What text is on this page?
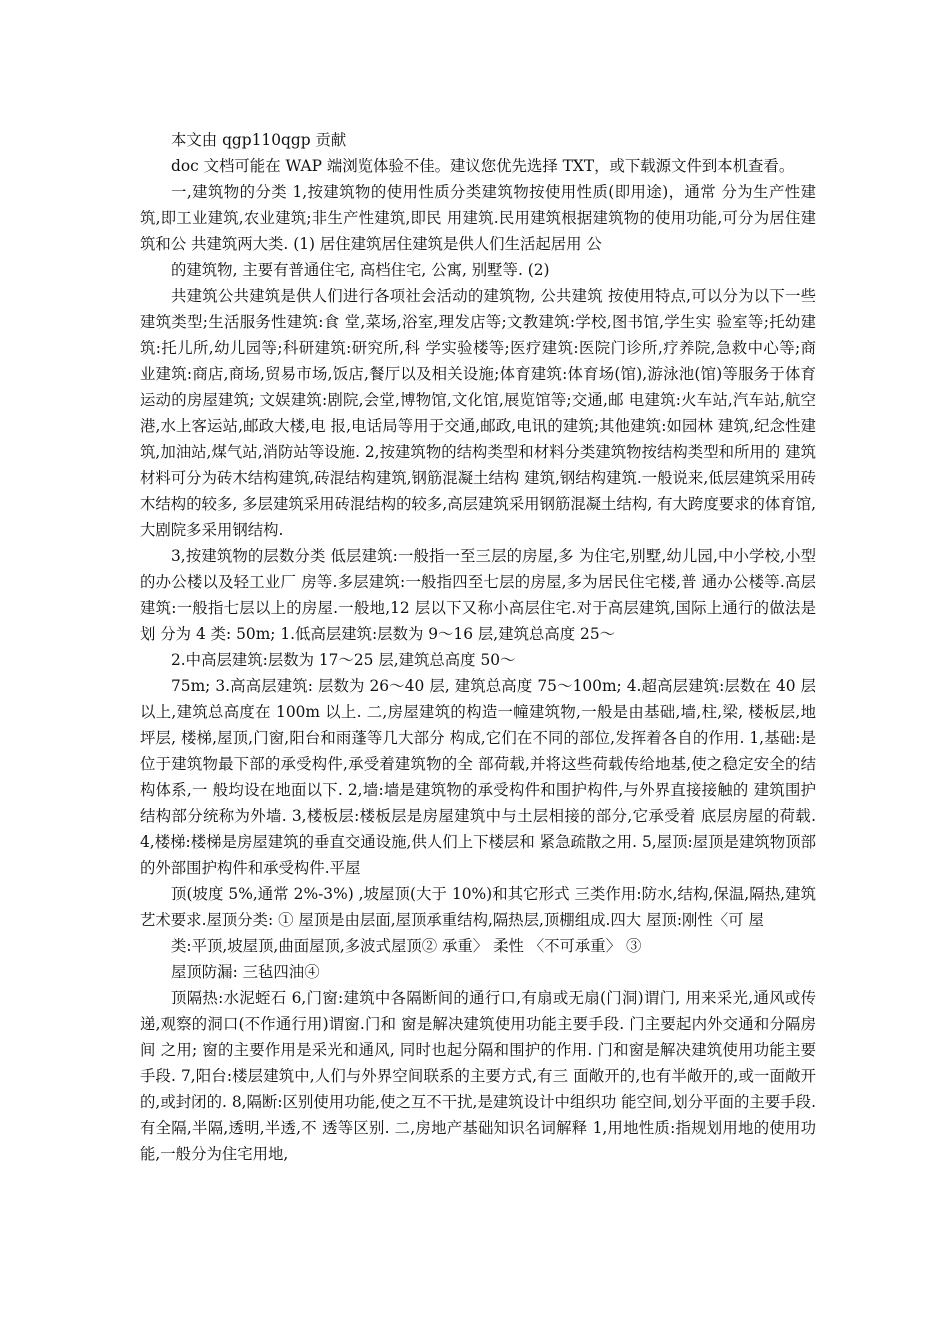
本文由 qgp110qgp 贡献

doc 文档可能在 WAP 端浏览体验不佳。建议您优先选择 TXT，或下载源文件到本机查看。

一,建筑物的分类 1,按建筑物的使用性质分类建筑物按使用性质(即用途)，通常 分为生产性建筑,即工业建筑,农业建筑;非生产性建筑,即民 用建筑.民用建筑根据建筑物的使用功能,可分为居住建筑和公 共建筑两大类. (1) 居住建筑居住建筑是供人们生活起居用 公

的建筑物, 主要有普通住宅, 高档住宅, 公寓, 别墅等. (2)

共建筑公共建筑是供人们进行各项社会活动的建筑物, 公共建筑 按使用特点,可以分为以下一些建筑类型;生活服务性建筑:食 堂,菜场,浴室,理发店等;文教建筑:学校,图书馆,学生实 验室等;托幼建筑:托儿所,幼儿园等;科研建筑:研究所,科 学实验楼等;医疗建筑:医院门诊所,疗养院,急救中心等;商 业建筑:商店,商场,贸易市场,饭店,餐厅以及相关设施;体育建筑:体育场(馆),游泳池(馆)等服务于体育运动的房屋建筑; 文娱建筑:剧院,会堂,博物馆,文化馆,展览馆等;交通,邮 电建筑:火车站,汽车站,航空港,水上客运站,邮政大楼,电 报,电话局等用于交通,邮政,电讯的建筑;其他建筑:如园林 建筑,纪念性建筑,加油站,煤气站,消防站等设施. 2,按建筑物的结构类型和材料分类建筑物按结构类型和所用的 建筑材料可分为砖木结构建筑,砖混结构建筑,钢筋混凝土结构 建筑,钢结构建筑.一般说来,低层建筑采用砖木结构的较多, 多层建筑采用砖混结构的较多,高层建筑采用钢筋混凝土结构, 有大跨度要求的体育馆,大剧院多采用钢结构.

3,按建筑物的层数分类 低层建筑:一般指一至三层的房屋,多 为住宅,别墅,幼儿园,中小学校,小型的办公楼以及轻工业厂 房等.多层建筑:一般指四至七层的房屋,多为居民住宅楼,普 通办公楼等.高层建筑:一般指七层以上的房屋.一般地,12 层以下又称小高层住宅.对于高层建筑,国际上通行的做法是划 分为 4 类: 50m; 1.低高层建筑:层数为 9～16 层,建筑总高度 25～

2.中高层建筑:层数为 17～25 层,建筑总高度 50～

75m; 3.高高层建筑: 层数为 26～40 层, 建筑总高度 75～100m; 4.超高层建筑:层数在 40 层以上,建筑总高度在 100m 以上. 二,房屋建筑的构造一幢建筑物,一般是由基础,墙,柱,梁, 楼板层,地坪层, 楼梯,屋顶,门窗,阳台和雨蓬等几大部分 构成,它们在不同的部位,发挥着各自的作用. 1,基础:是位于建筑物最下部的承受构件,承受着建筑物的全 部荷载,并将这些荷载传给地基,使之稳定安全的结构体系,一 般均设在地面以下. 2,墙:墙是建筑物的承受构件和围护构件,与外界直接接触的 建筑围护结构部分统称为外墙. 3,楼板层:楼板层是房屋建筑中与土层相接的部分,它承受着 底层房屋的荷载. 4,楼梯:楼梯是房屋建筑的垂直交通设施,供人们上下楼层和 紧急疏散之用. 5,屋顶:屋顶是建筑物顶部的外部围护构件和承受构件.平屋

顶(坡度 5%,通常 2%-3%) ,坡屋顶(大于 10%)和其它形式 三类作用:防水,结构,保温,隔热,建筑艺术要求.屋顶分类: ① 屋顶是由层面,屋顶承重结构,隔热层,顶棚组成.四大 屋顶:刚性〈可 屋

类:平顶,坡屋顶,曲面屋顶,多波式屋顶② 承重〉 柔性 〈不可承重〉 ③

屋顶防漏: 三毡四油④

顶隔热:水泥蛭石 6,门窗:建筑中各隔断间的通行口,有扇或无扇(门洞)谓门, 用来采光,通风或传递,观察的洞口(不作通行用)谓窗.门和 窗是解决建筑使用功能主要手段. 门主要起内外交通和分隔房间 之用; 窗的主要作用是采光和通风, 同时也起分隔和围护的作用. 门和窗是解决建筑使用功能主要手段. 7,阳台:楼层建筑中,人们与外界空间联系的主要方式,有三 面敞开的,也有半敞开的,或一面敞开的,或封闭的. 8,隔断:区别使用功能,使之互不干扰,是建筑设计中组织功 能空间,划分平面的主要手段.有全隔,半隔,透明,半透,不 透等区别. 二,房地产基础知识名词解释 1,用地性质:指规划用地的使用功能,一般分为住宅用地,
